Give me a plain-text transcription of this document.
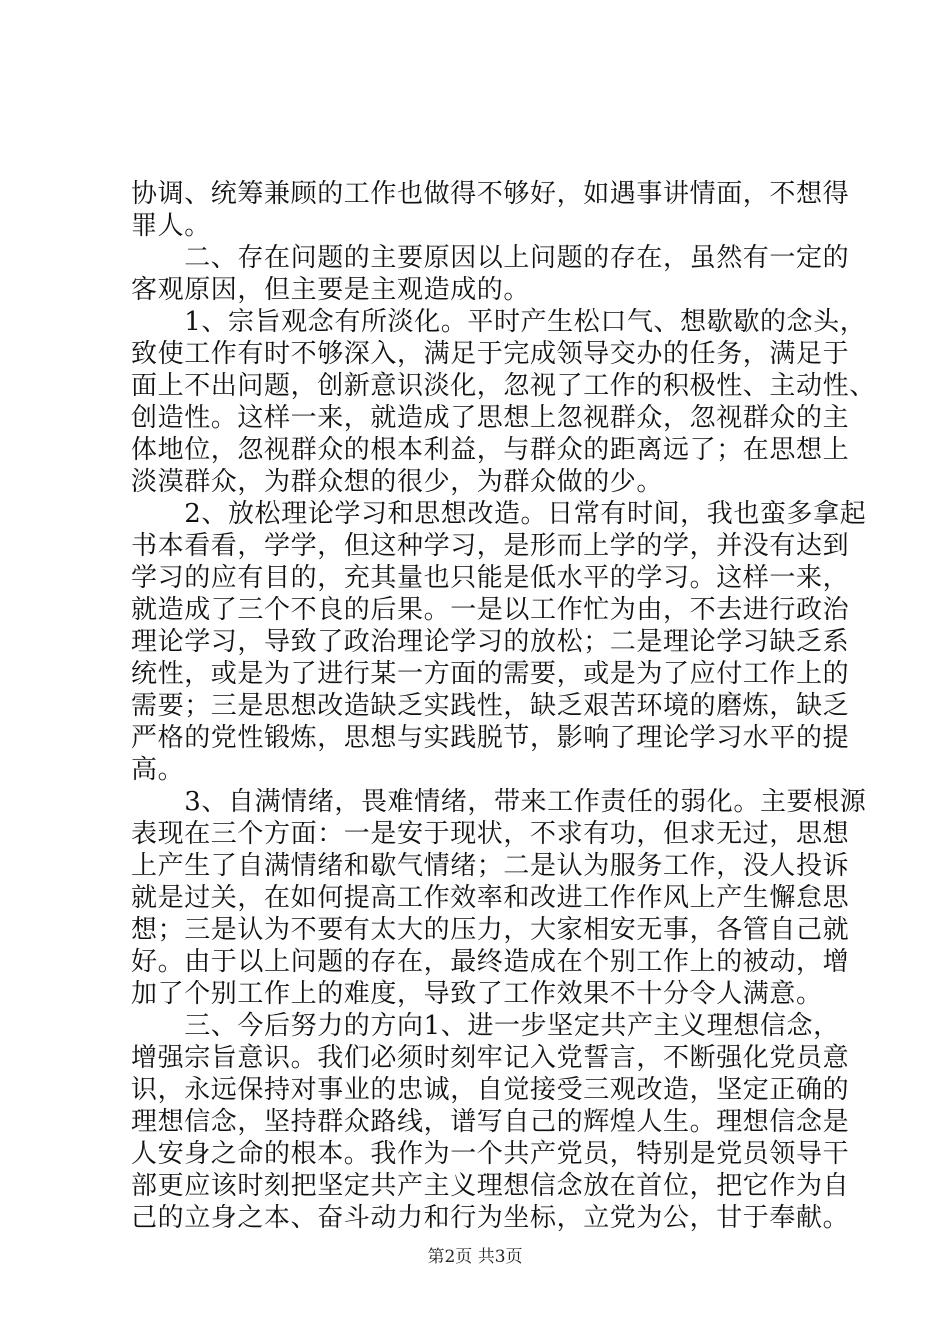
协调、统筹兼顾的工作也做得不够好，如遇事讲情面，不想得
罪人。
　　二、存在问题的主要原因以上问题的存在，虽然有一定的
客观原因，但主要是主观造成的。
　　1、宗旨观念有所淡化。平时产生松口气、想歇歇的念头，
致使工作有时不够深入，满足于完成领导交办的任务，满足于
面上不出问题，创新意识淡化，忽视了工作的积极性、主动性、
创造性。这样一来，就造成了思想上忽视群众，忽视群众的主
体地位，忽视群众的根本利益，与群众的距离远了；在思想上
淡漠群众，为群众想的很少，为群众做的少。
　　2、放松理论学习和思想改造。日常有时间，我也蛮多拿起
书本看看，学学，但这种学习，是形而上学的学，并没有达到
学习的应有目的，充其量也只能是低水平的学习。这样一来，
就造成了三个不良的后果。一是以工作忙为由，不去进行政治
理论学习，导致了政治理论学习的放松；二是理论学习缺乏系
统性，或是为了进行某一方面的需要，或是为了应付工作上的
需要；三是思想改造缺乏实践性，缺乏艰苦环境的磨炼，缺乏
严格的党性锻炼，思想与实践脱节，影响了理论学习水平的提
高。
　　3、自满情绪，畏难情绪，带来工作责任的弱化。主要根源
表现在三个方面：一是安于现状，不求有功，但求无过，思想
上产生了自满情绪和歇气情绪；二是认为服务工作，没人投诉
就是过关，在如何提高工作效率和改进工作作风上产生懈怠思
想；三是认为不要有太大的压力，大家相安无事，各管自己就
好。由于以上问题的存在，最终造成在个别工作上的被动，增
加了个别工作上的难度，导致了工作效果不十分令人满意。
　　三、今后努力的方向1、进一步坚定共产主义理想信念，
增强宗旨意识。我们必须时刻牢记入党誓言，不断强化党员意
识，永远保持对事业的忠诚，自觉接受三观改造，坚定正确的
理想信念，坚持群众路线，谱写自己的辉煌人生。理想信念是
人安身之命的根本。我作为一个共产党员，特别是党员领导干
部更应该时刻把坚定共产主义理想信念放在首位，把它作为自
己的立身之本、奋斗动力和行为坐标，立党为公，甘于奉献。
第2页 共3页
